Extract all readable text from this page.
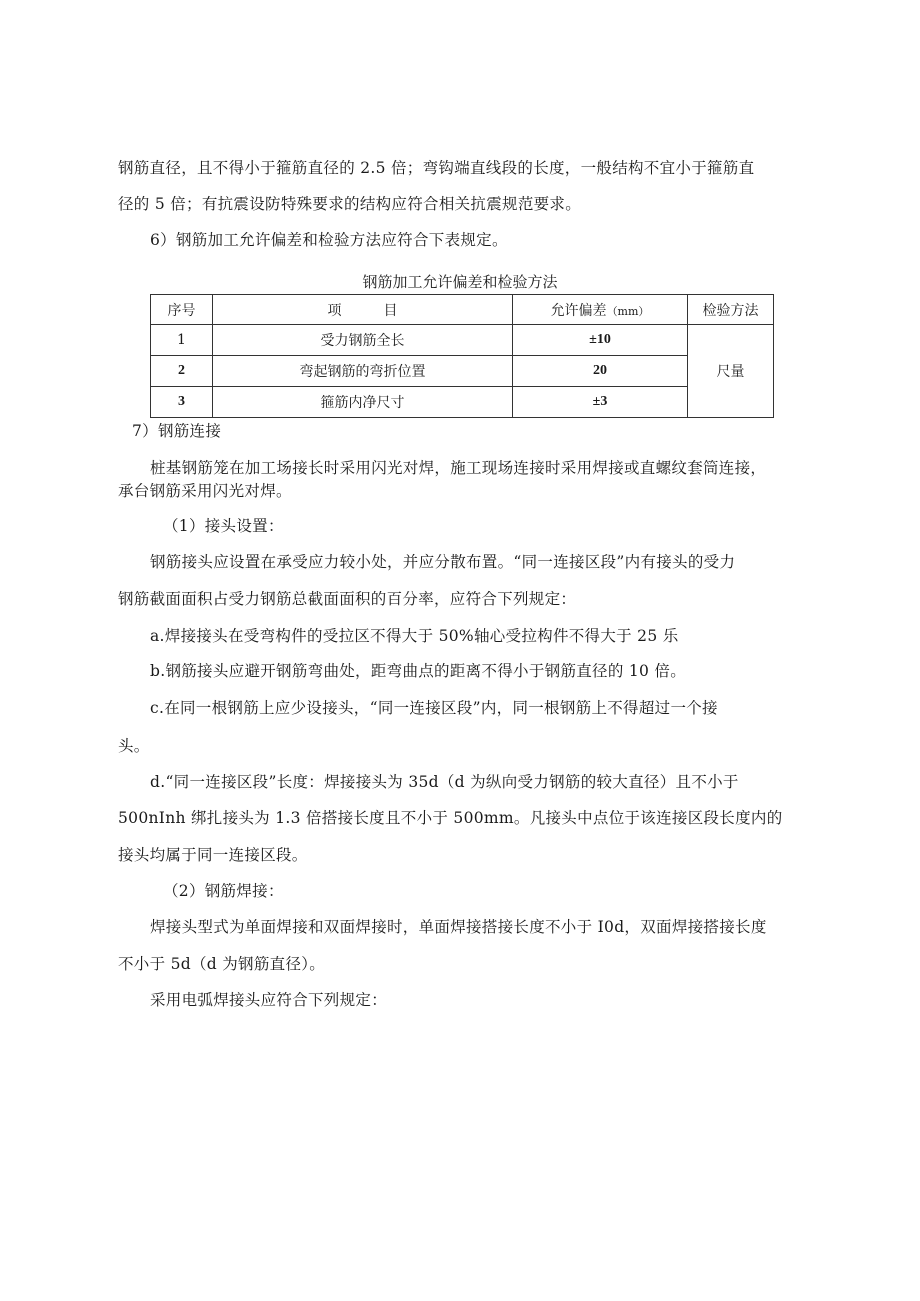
钢筋直径，且不得小于箍筋直径的 2.5 倍；弯钩端直线段的长度，一般结构不宜小于箍筋直

径的 5 倍；有抗震设防特殊要求的结构应符合相关抗震规范要求。

6）钢筋加工允许偏差和检验方法应符合下表规定。

钢筋加工允许偏差和检验方法
序号	项　　　目	允许偏差（mm）	检验方法
1	受力钢筋全长	±10	尺量
2	弯起钢筋的弯折位置	20	
3	箍筋内净尺寸	±3	

7）钢筋连接

桩基钢筋笼在加工场接长时采用闪光对焊，施工现场连接时采用焊接或直螺纹套筒连接，

承台钢筋采用闪光对焊。

（1）接头设置：

钢筋接头应设置在承受应力较小处，并应分散布置。“同一连接区段”内有接头的受力

钢筋截面面积占受力钢筋总截面面积的百分率，应符合下列规定：

a.焊接接头在受弯构件的受拉区不得大于 50%轴心受拉构件不得大于 25 乐

b.钢筋接头应避开钢筋弯曲处，距弯曲点的距离不得小于钢筋直径的 10 倍。

c.在同一根钢筋上应少设接头，“同一连接区段”内，同一根钢筋上不得超过一个接

头。

d.“同一连接区段”长度：焊接接头为 35d（d 为纵向受力钢筋的较大直径）且不小于

500nInh 绑扎接头为 1.3 倍搭接长度且不小于 500mm。凡接头中点位于该连接区段长度内的

接头均属于同一连接区段。

（2）钢筋焊接：

焊接头型式为单面焊接和双面焊接时，单面焊接搭接长度不小于 I0d，双面焊接搭接长度

不小于 5d（d 为钢筋直径）。

采用电弧焊接头应符合下列规定：
